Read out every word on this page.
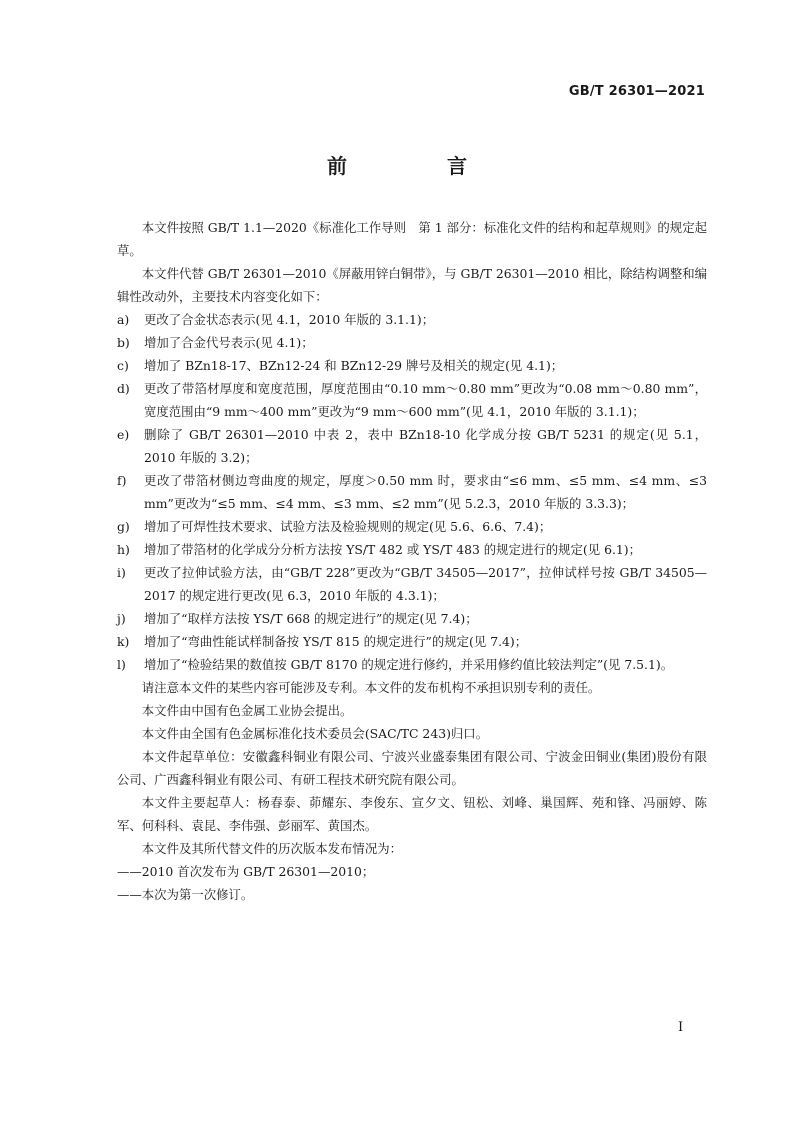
GB/T 26301—2021
前　言

本文件按照 GB/T 1.1—2020《标准化工作导则　第 1 部分：标准化文件的结构和起草规则》的规定起草。

本文件代替 GB/T 26301—2010《屏蔽用锌白铜带》，与 GB/T 26301—2010 相比，除结构调整和编辑性改动外，主要技术内容变化如下：

a)	更改了合金状态表示(见 4.1，2010 年版的 3.1.1)；

b)	增加了合金代号表示(见 4.1)；

c)	增加了 BZn18-17、BZn12-24 和 BZn12-29 牌号及相关的规定(见 4.1)；

d)	更改了带箔材厚度和宽度范围，厚度范围由“0.10 mm～0.80 mm”更改为“0.08 mm～0.80 mm”，宽度范围由“9 mm～400 mm”更改为“9 mm～600 mm”(见 4.1，2010 年版的 3.1.1)；

e)	删除了 GB/T 26301—2010 中表 2，表中 BZn18-10 化学成分按 GB/T 5231 的规定(见 5.1，2010 年版的 3.2)；

f)	更改了带箔材侧边弯曲度的规定，厚度＞0.50 mm 时，要求由“≤6 mm、≤5 mm、≤4 mm、≤3 mm”更改为“≤5 mm、≤4 mm、≤3 mm、≤2 mm”(见 5.2.3，2010 年版的 3.3.3)；

g)	增加了可焊性技术要求、试验方法及检验规则的规定(见 5.6、6.6、7.4)；

h)	增加了带箔材的化学成分分析方法按 YS/T 482 或 YS/T 483 的规定进行的规定(见 6.1)；

i)	更改了拉伸试验方法，由“GB/T 228”更改为“GB/T 34505—2017”，拉伸试样号按 GB/T 34505—2017 的规定进行更改(见 6.3，2010 年版的 4.3.1)；

j)	增加了“取样方法按 YS/T 668 的规定进行”的规定(见 7.4)；

k)	增加了“弯曲性能试样制备按 YS/T 815 的规定进行”的规定(见 7.4)；

l)	增加了“检验结果的数值按 GB/T 8170 的规定进行修约，并采用修约值比较法判定”(见 7.5.1)。

请注意本文件的某些内容可能涉及专利。本文件的发布机构不承担识别专利的责任。

本文件由中国有色金属工业协会提出。

本文件由全国有色金属标准化技术委员会(SAC/TC 243)归口。

本文件起草单位：安徽鑫科铜业有限公司、宁波兴业盛泰集团有限公司、宁波金田铜业(集团)股份有限公司、广西鑫科铜业有限公司、有研工程技术研究院有限公司。

本文件主要起草人：杨春泰、茆耀东、李俊东、宣夕文、钮松、刘峰、巢国辉、苑和锋、冯丽婷、陈军、何科科、袁昆、李伟强、彭丽军、黄国杰。

本文件及其所代替文件的历次版本发布情况为：

——2010 首次发布为 GB/T 26301—2010；

——本次为第一次修订。

I
